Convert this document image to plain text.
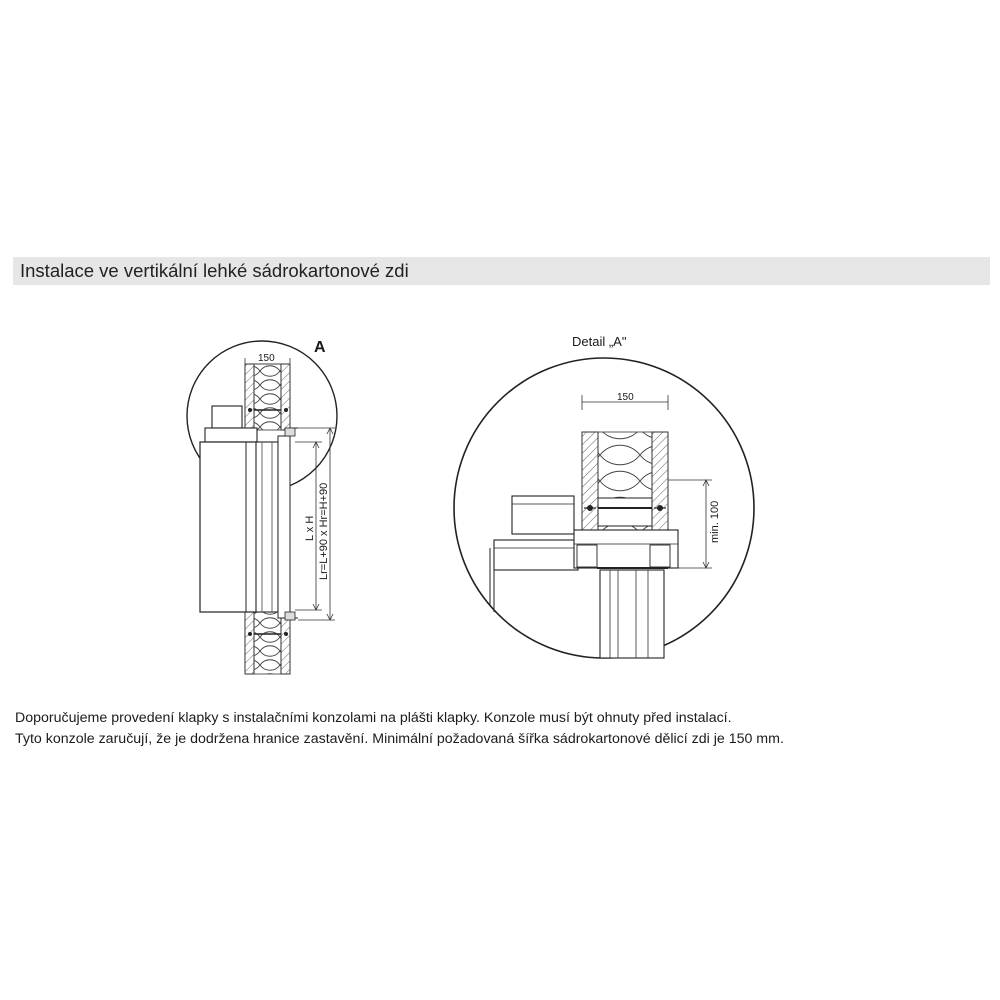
Instalace ve vertikální lehké sádrokartonové zdi
A
150
L x H Lr=L+90 x Hr=H+90
Detail „A"
150
min. 100
Doporučujeme provedení klapky s instalačními konzolami na plášti klapky. Konzole musí být ohnuty před instalací.
Tyto konzole zaručují, že je dodržena hranice zastavění. Minimální požadovaná šířka sádrokartonové dělicí zdi je 150 mm.
